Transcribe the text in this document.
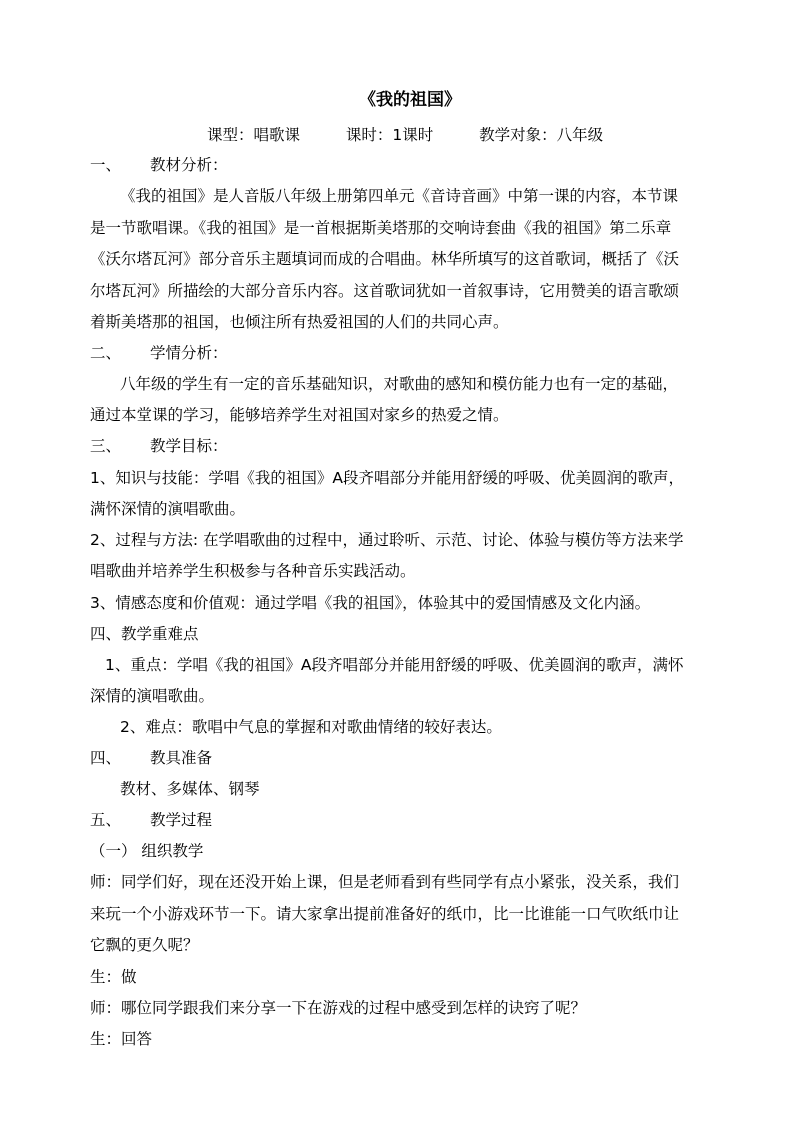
《我的祖国》
课型：唱歌课	课时：1课时	教学对象：八年级
一、 教材分析：
《我的祖国》是人音版八年级上册第四单元《音诗音画》中第一课的内容，本节课
是一节歌唱课。《我的祖国》是一首根据斯美塔那的交响诗套曲《我的祖国》第二乐章
《沃尔塔瓦河》部分音乐主题填词而成的合唱曲。林华所填写的这首歌词，概括了《沃
尔塔瓦河》所描绘的大部分音乐内容。这首歌词犹如一首叙事诗，它用赞美的语言歌颂
着斯美塔那的祖国，也倾注所有热爱祖国的人们的共同心声。
二、 学情分析：
八年级的学生有一定的音乐基础知识，对歌曲的感知和模仿能力也有一定的基础，
通过本堂课的学习，能够培养学生对祖国对家乡的热爱之情。
三、 教学目标：
1、知识与技能：学唱《我的祖国》A段齐唱部分并能用舒缓的呼吸、优美圆润的歌声，
满怀深情的演唱歌曲。
2、过程与方法: 在学唱歌曲的过程中，通过聆听、示范、讨论、体验与模仿等方法来学
唱歌曲并培养学生积极参与各种音乐实践活动。
3、情感态度和价值观：通过学唱《我的祖国》，体验其中的爱国情感及文化内涵。
四、教学重难点
1、重点：学唱《我的祖国》A段齐唱部分并能用舒缓的呼吸、优美圆润的歌声，满怀
深情的演唱歌曲。
2、难点：歌唱中气息的掌握和对歌曲情绪的较好表达。
四、 教具准备
教材、多媒体、钢琴
五、 教学过程
（一） 组织教学
师：同学们好，现在还没开始上课，但是老师看到有些同学有点小紧张，没关系，我们
来玩一个小游戏环节一下。请大家拿出提前准备好的纸巾，比一比谁能一口气吹纸巾让
它飘的更久呢？
生：做
师：哪位同学跟我们来分享一下在游戏的过程中感受到怎样的诀窍了呢？
生：回答
